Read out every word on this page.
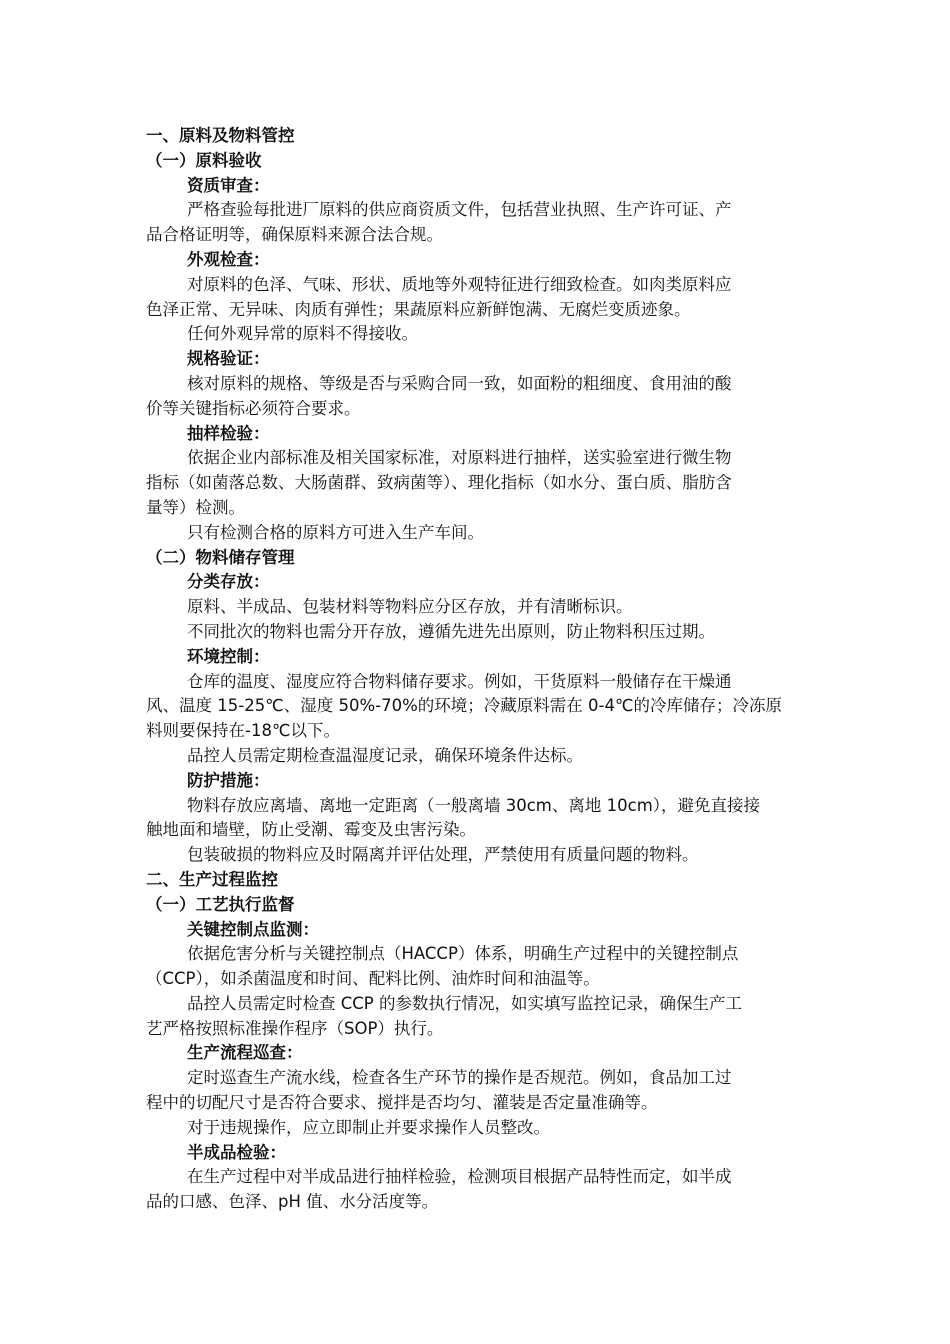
一、原料及物料管控
（一）原料验收
资质审查：
严格查验每批进厂原料的供应商资质文件，包括营业执照、生产许可证、产
品合格证明等，确保原料来源合法合规。
外观检查：
对原料的色泽、气味、形状、质地等外观特征进行细致检查。如肉类原料应
色泽正常、无异味、肉质有弹性；果蔬原料应新鲜饱满、无腐烂变质迹象。
任何外观异常的原料不得接收。
规格验证：
核对原料的规格、等级是否与采购合同一致，如面粉的粗细度、食用油的酸
价等关键指标必须符合要求。
抽样检验：
依据企业内部标准及相关国家标准，对原料进行抽样，送实验室进行微生物
指标（如菌落总数、大肠菌群、致病菌等）、理化指标（如水分、蛋白质、脂肪含
量等）检测。
只有检测合格的原料方可进入生产车间。
（二）物料储存管理
分类存放：
原料、半成品、包装材料等物料应分区存放，并有清晰标识。
不同批次的物料也需分开存放，遵循先进先出原则，防止物料积压过期。
环境控制：
仓库的温度、湿度应符合物料储存要求。例如，干货原料一般储存在干燥通
风、温度 15-25℃、湿度 50%-70%的环境；冷藏原料需在 0-4℃的冷库储存；冷冻原
料则要保持在-18℃以下。
品控人员需定期检查温湿度记录，确保环境条件达标。
防护措施：
物料存放应离墙、离地一定距离（一般离墙 30cm、离地 10cm），避免直接接
触地面和墙壁，防止受潮、霉变及虫害污染。
包装破损的物料应及时隔离并评估处理，严禁使用有质量问题的物料。
二、生产过程监控
（一）工艺执行监督
关键控制点监测：
依据危害分析与关键控制点（HACCP）体系，明确生产过程中的关键控制点
（CCP），如杀菌温度和时间、配料比例、油炸时间和油温等。
品控人员需定时检查 CCP 的参数执行情况，如实填写监控记录，确保生产工
艺严格按照标准操作程序（SOP）执行。
生产流程巡查：
定时巡查生产流水线，检查各生产环节的操作是否规范。例如，食品加工过
程中的切配尺寸是否符合要求、搅拌是否均匀、灌装是否定量准确等。
对于违规操作，应立即制止并要求操作人员整改。
半成品检验：
在生产过程中对半成品进行抽样检验，检测项目根据产品特性而定，如半成
品的口感、色泽、pH 值、水分活度等。
